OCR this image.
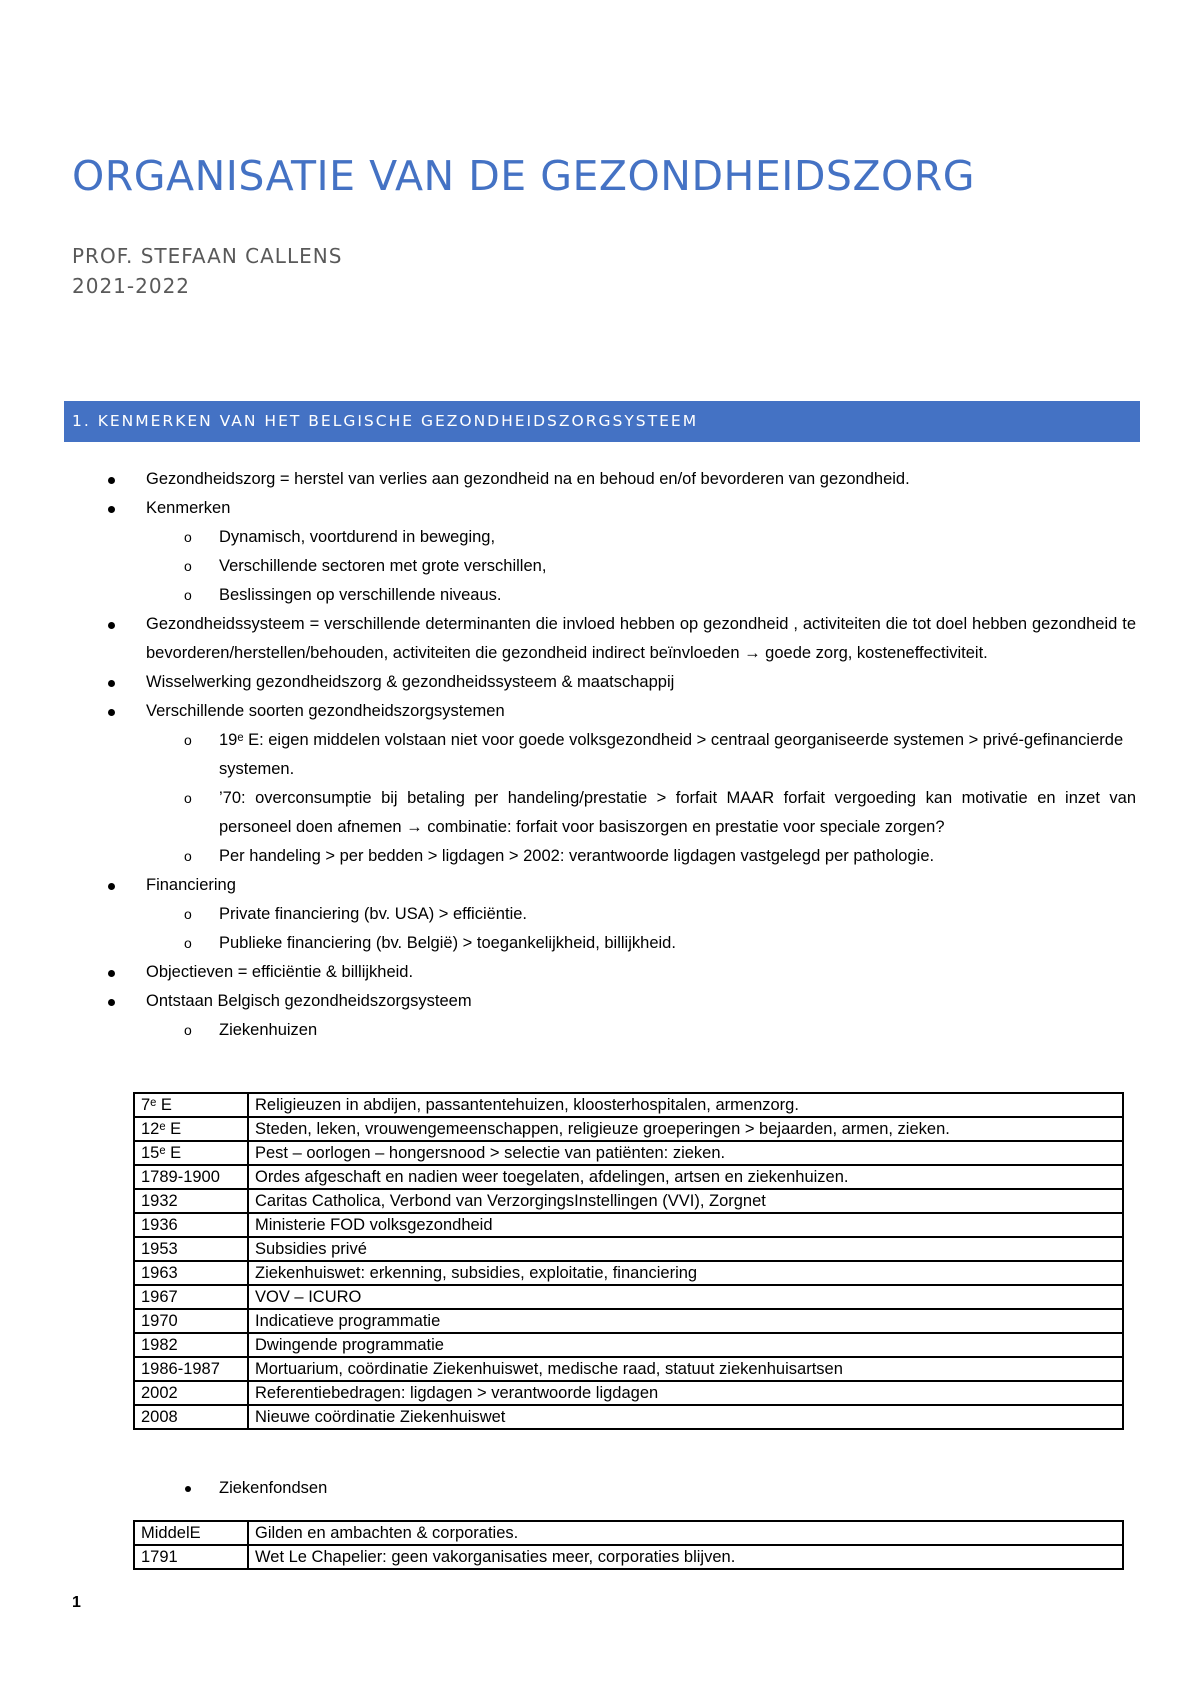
ORGANISATIE VAN DE GEZONDHEIDSZORG
PROF. STEFAAN CALLENS
2021-2022
1. KENMERKEN VAN HET BELGISCHE GEZONDHEIDSZORGSYSTEEM
Gezondheidszorg = herstel van verlies aan gezondheid na en behoud en/of bevorderen van gezondheid.
Kenmerken
o Dynamisch, voortdurend in beweging,
o Verschillende sectoren met grote verschillen,
o Beslissingen op verschillende niveaus.
Gezondheidssysteem = verschillende determinanten die invloed hebben op gezondheid , activiteiten die tot doel hebben gezondheid te bevorderen/herstellen/behouden, activiteiten die gezondheid indirect beïnvloeden → goede zorg, kosteneffectiviteit.
Wisselwerking gezondheidszorg & gezondheidssysteem & maatschappij
Verschillende soorten gezondheidszorgsystemen
o 19ᵉ E: eigen middelen volstaan niet voor goede volksgezondheid > centraal georganiseerde systemen > privé-gefinancierde systemen.
o ’70: overconsumptie bij betaling per handeling/prestatie > forfait MAAR forfait vergoeding kan motivatie en inzet van personeel doen afnemen → combinatie: forfait voor basiszorgen en prestatie voor speciale zorgen?
o Per handeling > per bedden > ligdagen > 2002: verantwoorde ligdagen vastgelegd per pathologie.
Financiering
o Private financiering (bv. USA) > efficiëntie.
o Publieke financiering (bv. België) > toegankelijkheid, billijkheid.
Objectieven = efficiëntie & billijkheid.
Ontstaan Belgisch gezondheidszorgsysteem
o Ziekenhuizen
7ᵉ E	Religieuzen in abdijen, passantentehuizen, kloosterhospitalen, armenzorg.
12ᵉ E	Steden, leken, vrouwengemeenschappen, religieuze groeperingen > bejaarden, armen, zieken.
15ᵉ E	Pest – oorlogen – hongersnood > selectie van patiënten: zieken.
1789-1900	Ordes afgeschaft en nadien weer toegelaten, afdelingen, artsen en ziekenhuizen.
1932	Caritas Catholica, Verbond van VerzorgingsInstellingen (VVI), Zorgnet
1936	Ministerie FOD volksgezondheid
1953	Subsidies privé
1963	Ziekenhuiswet: erkenning, subsidies, exploitatie, financiering
1967	VOV – ICURO
1970	Indicatieve programmatie
1982	Dwingende programmatie
1986-1987	Mortuarium, coördinatie Ziekenhuiswet, medische raad, statuut ziekenhuisartsen
2002	Referentiebedragen: ligdagen > verantwoorde ligdagen
2008	Nieuwe coördinatie Ziekenhuiswet
Ziekenfondsen
MiddelE	Gilden en ambachten & corporaties.
1791	Wet Le Chapelier: geen vakorganisaties meer, corporaties blijven.
1
